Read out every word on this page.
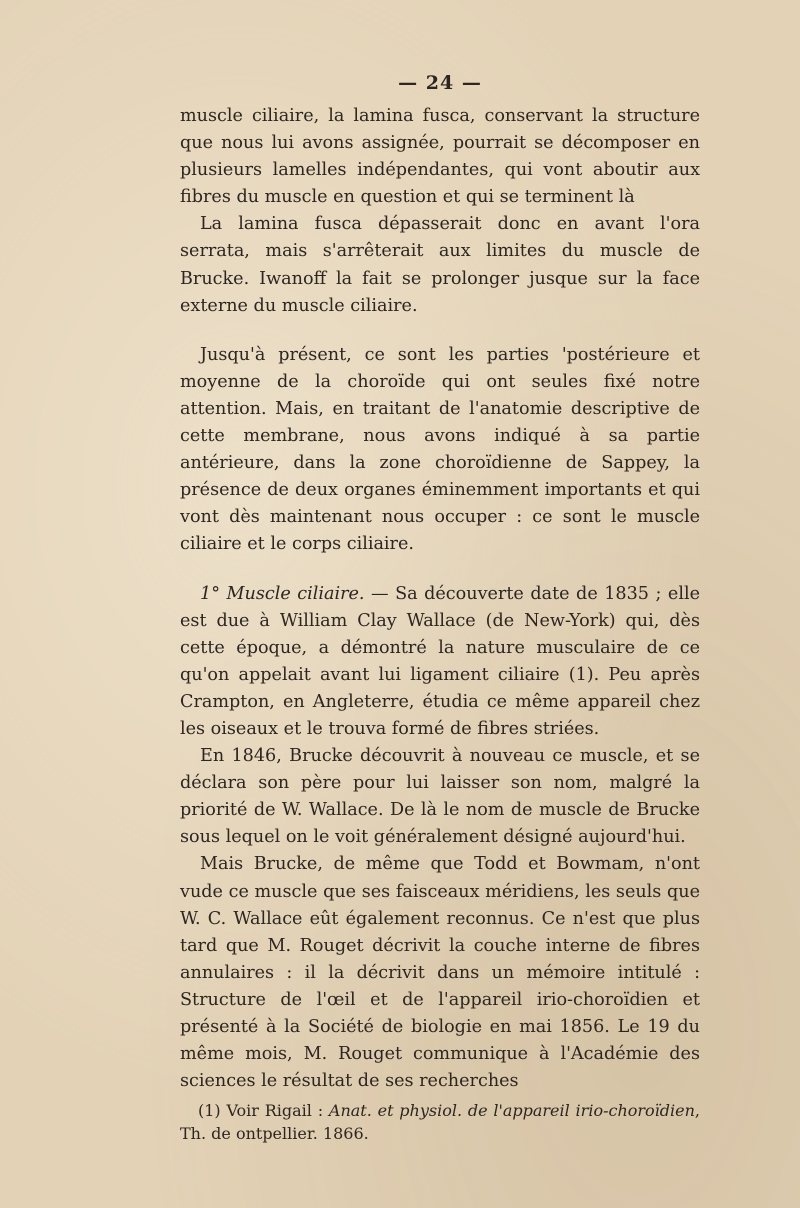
— 24 —

muscle ciliaire, la lamina fusca, conservant la structure que nous lui avons assignée, pourrait se décomposer en plusieurs lamelles indépendantes, qui vont aboutir aux fibres du muscle en question et qui se terminent là

La lamina fusca dépasserait donc en avant l'ora serrata, mais s'arrêterait aux limites du muscle de Brucke. Iwanoff la fait se prolonger jusque sur la face externe du muscle ciliaire.

Jusqu'à présent, ce sont les parties 'postérieure et moyenne de la choroïde qui ont seules fixé notre attention. Mais, en traitant de l'anatomie descriptive de cette membrane, nous avons indiqué à sa partie antérieure, dans la zone choroïdienne de Sappey, la présence de deux organes éminemment importants et qui vont dès maintenant nous occuper : ce sont le muscle ciliaire et le corps ciliaire.

1° Muscle ciliaire. — Sa découverte date de 1835 ; elle est due à William Clay Wallace (de New-York) qui, dès cette époque, a démontré la nature musculaire de ce qu'on appelait avant lui ligament ciliaire (1). Peu après Crampton, en Angleterre, étudia ce même appareil chez les oiseaux et le trouva formé de fibres striées.

En 1846, Brucke découvrit à nouveau ce muscle, et se déclara son père pour lui laisser son nom, malgré la priorité de W. Wallace. De là le nom de muscle de Brucke sous lequel on le voit généralement désigné aujourd'hui.

Mais Brucke, de même que Todd et Bowmam, n'ont vude ce muscle que ses faisceaux méridiens, les seuls que W. C. Wallace eût également reconnus. Ce n'est que plus tard que M. Rouget décrivit la couche interne de fibres annulaires : il la décrivit dans un mémoire intitulé : Structure de l'œil et de l'appareil irio-choroïdien et présenté à la Société de biologie en mai 1856. Le 19 du même mois, M. Rouget communique à l'Académie des sciences le résultat de ses recherches

(1) Voir Rigail : Anat. et physiol. de l'appareil irio-choroïdien, Th. de ontpellier. 1866.
